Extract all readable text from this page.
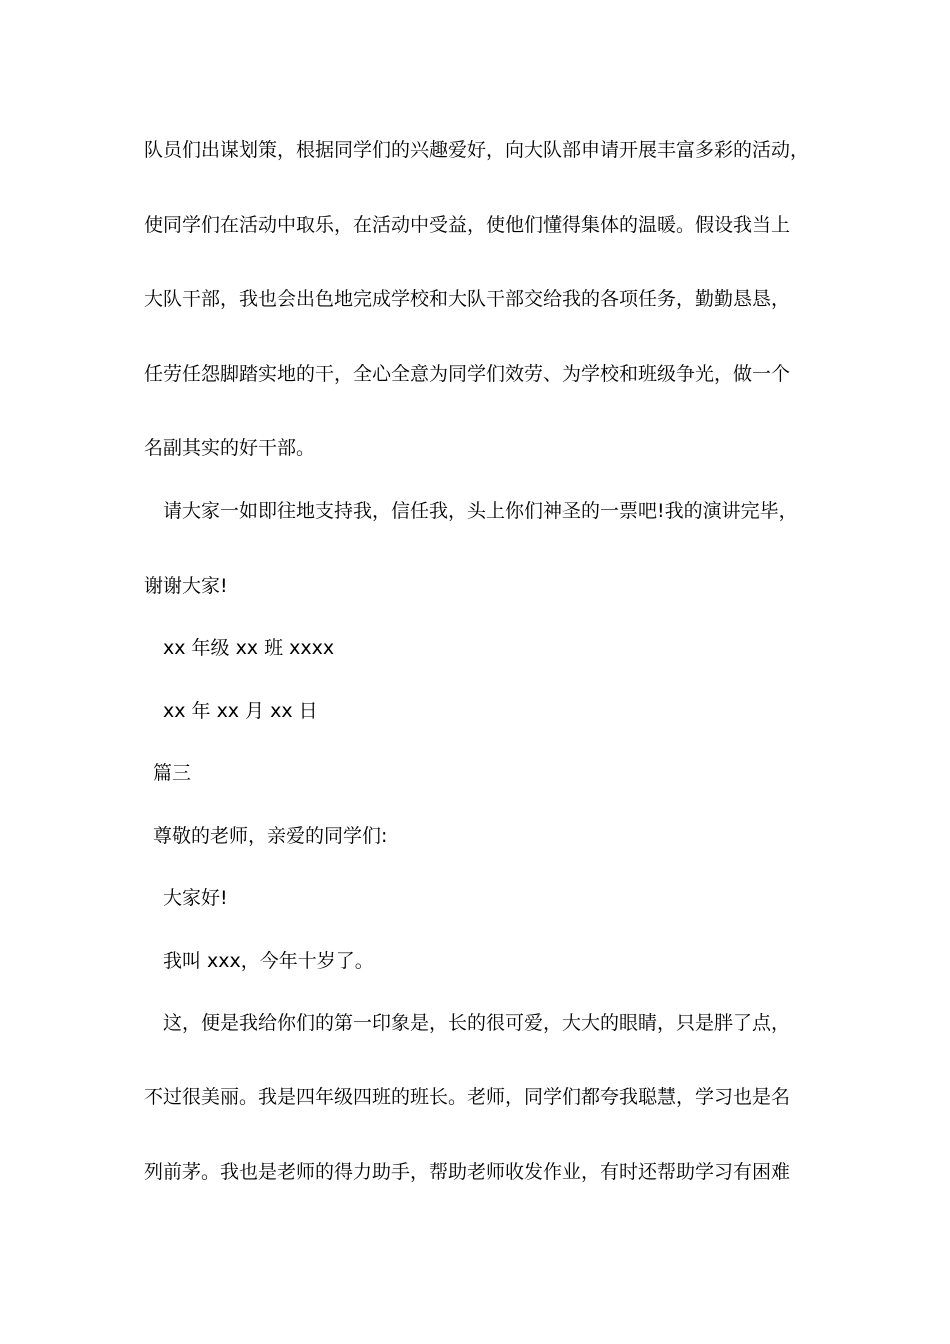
队员们出谋划策，根据同学们的兴趣爱好，向大队部申请开展丰富多彩的活动，
使同学们在活动中取乐，在活动中受益，使他们懂得集体的温暖。假设我当上
大队干部，我也会出色地完成学校和大队干部交给我的各项任务，勤勤恳恳，
任劳任怨脚踏实地的干，全心全意为同学们效劳、为学校和班级争光，做一个
名副其实的好干部。
请大家一如即往地支持我，信任我，头上你们神圣的一票吧!我的演讲完毕，
谢谢大家!
xx 年级 xx 班 xxxx
xx 年 xx 月 xx 日
篇三
尊敬的老师，亲爱的同学们:
大家好!
我叫 xxx，今年十岁了。
这，便是我给你们的第一印象是，长的很可爱，大大的眼睛，只是胖了点，
不过很美丽。我是四年级四班的班长。老师，同学们都夸我聪慧，学习也是名
列前茅。我也是老师的得力助手，帮助老师收发作业，有时还帮助学习有困难
